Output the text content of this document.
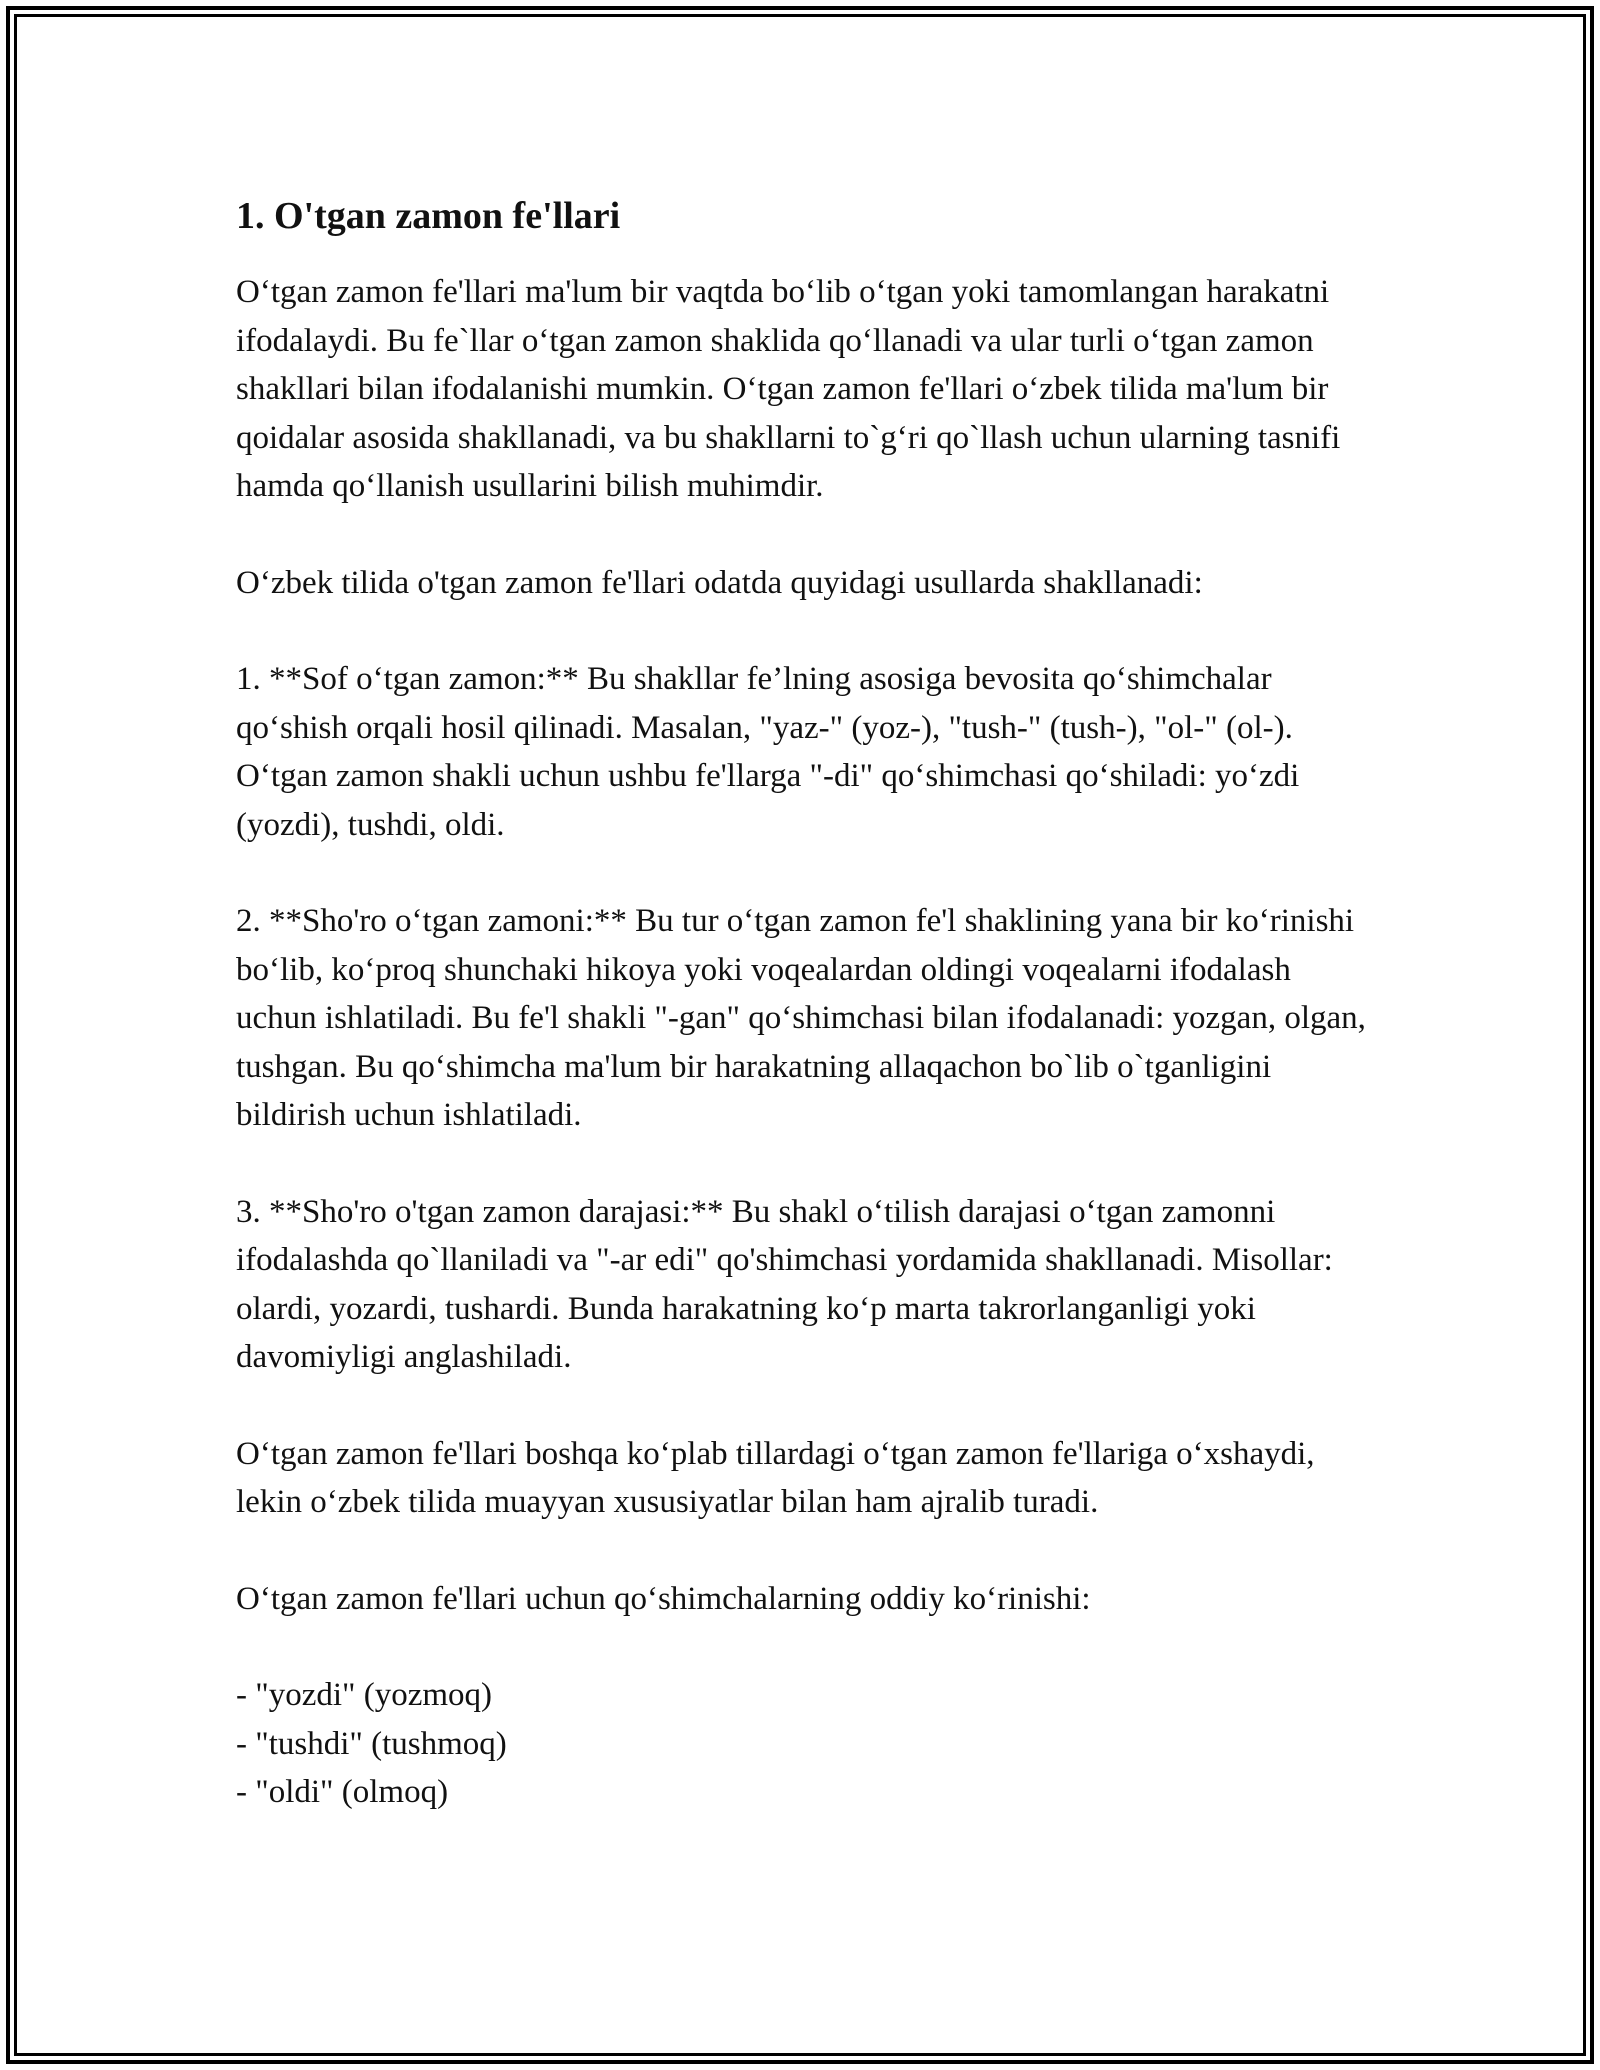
1. O'tgan zamon fe'llari

O‘tgan zamon fe'llari ma'lum bir vaqtda bo‘lib o‘tgan yoki tamomlangan harakatni ifodalaydi. Bu fe`llar o‘tgan zamon shaklida qo‘llanadi va ular turli o‘tgan zamon shakllari bilan ifodalanishi mumkin. O‘tgan zamon fe'llari o‘zbek tilida ma'lum bir qoidalar asosida shakllanadi, va bu shakllarni to`g‘ri qo`llash uchun ularning tasnifi hamda qo‘llanish usullarini bilish muhimdir.

O‘zbek tilida o'tgan zamon fe'llari odatda quyidagi usullarda shakllanadi:

1. **Sof o‘tgan zamon:** Bu shakllar fe’lning asosiga bevosita qo‘shimchalar qo‘shish orqali hosil qilinadi. Masalan, "yaz-" (yoz-), "tush-" (tush-), "ol-" (ol-). O‘tgan zamon shakli uchun ushbu fe'llarga "-di" qo‘shimchasi qo‘shiladi: yo‘zdi (yozdi), tushdi, oldi.

2. **Sho'ro o‘tgan zamoni:** Bu tur o‘tgan zamon fe'l shaklining yana bir ko‘rinishi bo‘lib, ko‘proq shunchaki hikoya yoki voqealardan oldingi voqealarni ifodalash uchun ishlatiladi. Bu fe'l shakli "-gan" qo‘shimchasi bilan ifodalanadi: yozgan, olgan, tushgan. Bu qo‘shimcha ma'lum bir harakatning allaqachon bo`lib o`tganligini bildirish uchun ishlatiladi.

3. **Sho'ro o'tgan zamon darajasi:** Bu shakl o‘tilish darajasi o‘tgan zamonni ifodalashda qo`llaniladi va "-ar edi" qo'shimchasi yordamida shakllanadi. Misollar: olardi, yozardi, tushardi. Bunda harakatning ko‘p marta takrorlanganligi yoki davomiyligi anglashiladi.

O‘tgan zamon fe'llari boshqa ko‘plab tillardagi o‘tgan zamon fe'llariga o‘xshaydi, lekin o‘zbek tilida muayyan xususiyatlar bilan ham ajralib turadi.

O‘tgan zamon fe'llari uchun qo‘shimchalarning oddiy ko‘rinishi:

- "yozdi" (yozmoq)
- "tushdi" (tushmoq)
- "oldi" (olmoq)
